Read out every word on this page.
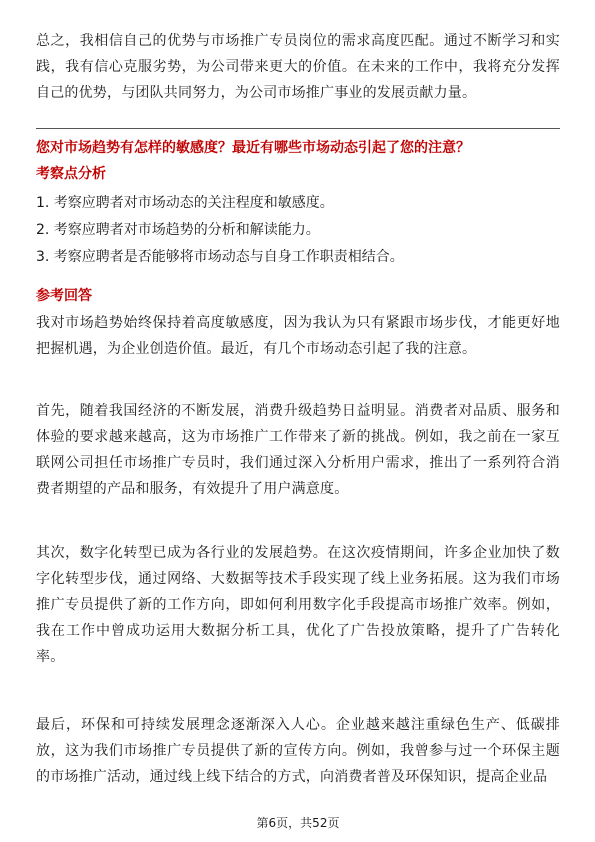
总之，我相信自己的优势与市场推广专员岗位的需求高度匹配。通过不断学习和实践，我有信心克服劣势，为公司带来更大的价值。在未来的工作中，我将充分发挥自己的优势，与团队共同努力，为公司市场推广事业的发展贡献力量。

您对市场趋势有怎样的敏感度？最近有哪些市场动态引起了您的注意？

考察点分析

1. 考察应聘者对市场动态的关注程度和敏感度。
2. 考察应聘者对市场趋势的分析和解读能力。
3. 考察应聘者是否能够将市场动态与自身工作职责相结合。

参考回答

我对市场趋势始终保持着高度敏感度，因为我认为只有紧跟市场步伐，才能更好地把握机遇，为企业创造价值。最近，有几个市场动态引起了我的注意。

首先，随着我国经济的不断发展，消费升级趋势日益明显。消费者对品质、服务和体验的要求越来越高，这为市场推广工作带来了新的挑战。例如，我之前在一家互联网公司担任市场推广专员时，我们通过深入分析用户需求，推出了一系列符合消费者期望的产品和服务，有效提升了用户满意度。

其次，数字化转型已成为各行业的发展趋势。在这次疫情期间，许多企业加快了数字化转型步伐，通过网络、大数据等技术手段实现了线上业务拓展。这为我们市场推广专员提供了新的工作方向，即如何利用数字化手段提高市场推广效率。例如，我在工作中曾成功运用大数据分析工具，优化了广告投放策略，提升了广告转化率。

最后，环保和可持续发展理念逐渐深入人心。企业越来越注重绿色生产、低碳排放，这为我们市场推广专员提供了新的宣传方向。例如，我曾参与过一个环保主题的市场推广活动，通过线上线下结合的方式，向消费者普及环保知识，提高企业品

第6页，共52页
